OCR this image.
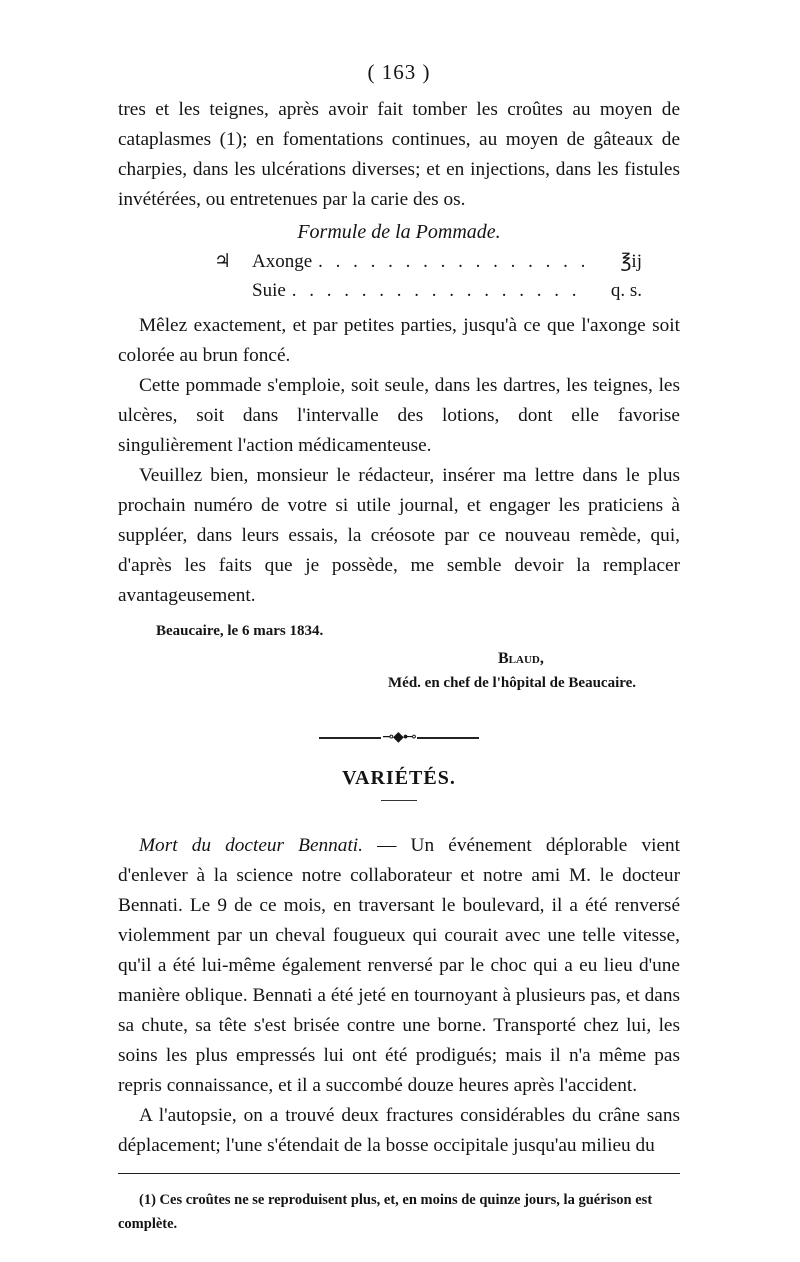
( 163 )

tres et les teignes, après avoir fait tomber les croûtes au moyen de cataplasmes (1); en fomentations continues, au moyen de gâteaux de charpies, dans les ulcérations diverses; et en injections, dans les fistules invétérées, ou entretenues par la carie des os.

Formule de la Pommade.
♃	Axonge . . . . . . . . . . . . . . . .	℥ij
Suie . . . . . . . . . . . . . . . . .	q. s.

Mêlez exactement, et par petites parties, jusqu'à ce que l'axonge soit colorée au brun foncé.

Cette pommade s'emploie, soit seule, dans les dartres, les teignes, les ulcères, soit dans l'intervalle des lotions, dont elle favorise singulièrement l'action médicamenteuse.

Veuillez bien, monsieur le rédacteur, insérer ma lettre dans le plus prochain numéro de votre si utile journal, et engager les praticiens à suppléer, dans leurs essais, la créosote par ce nouveau remède, qui, d'après les faits que je possède, me semble devoir la remplacer avantageusement.

Beaucaire, le 6 mars 1834.
Blaud,
Méd. en chef de l'hôpital de Beaucaire.
⊸◆⊷
VARIÉTÉS.

Mort du docteur Bennati. — Un événement déplorable vient d'enlever à la science notre collaborateur et notre ami M. le docteur Bennati. Le 9 de ce mois, en traversant le boulevard, il a été renversé violemment par un cheval fougueux qui courait avec une telle vitesse, qu'il a été lui-même également renversé par le choc qui a eu lieu d'une manière oblique. Bennati a été jeté en tournoyant à plusieurs pas, et dans sa chute, sa tête s'est brisée contre une borne. Transporté chez lui, les soins les plus empressés lui ont été prodigués; mais il n'a même pas repris connaissance, et il a succombé douze heures après l'accident.

A l'autopsie, on a trouvé deux fractures considérables du crâne sans déplacement; l'une s'étendait de la bosse occipitale jusqu'au milieu du

(1) Ces croûtes ne se reproduisent plus, et, en moins de quinze jours, la guérison est complète.
